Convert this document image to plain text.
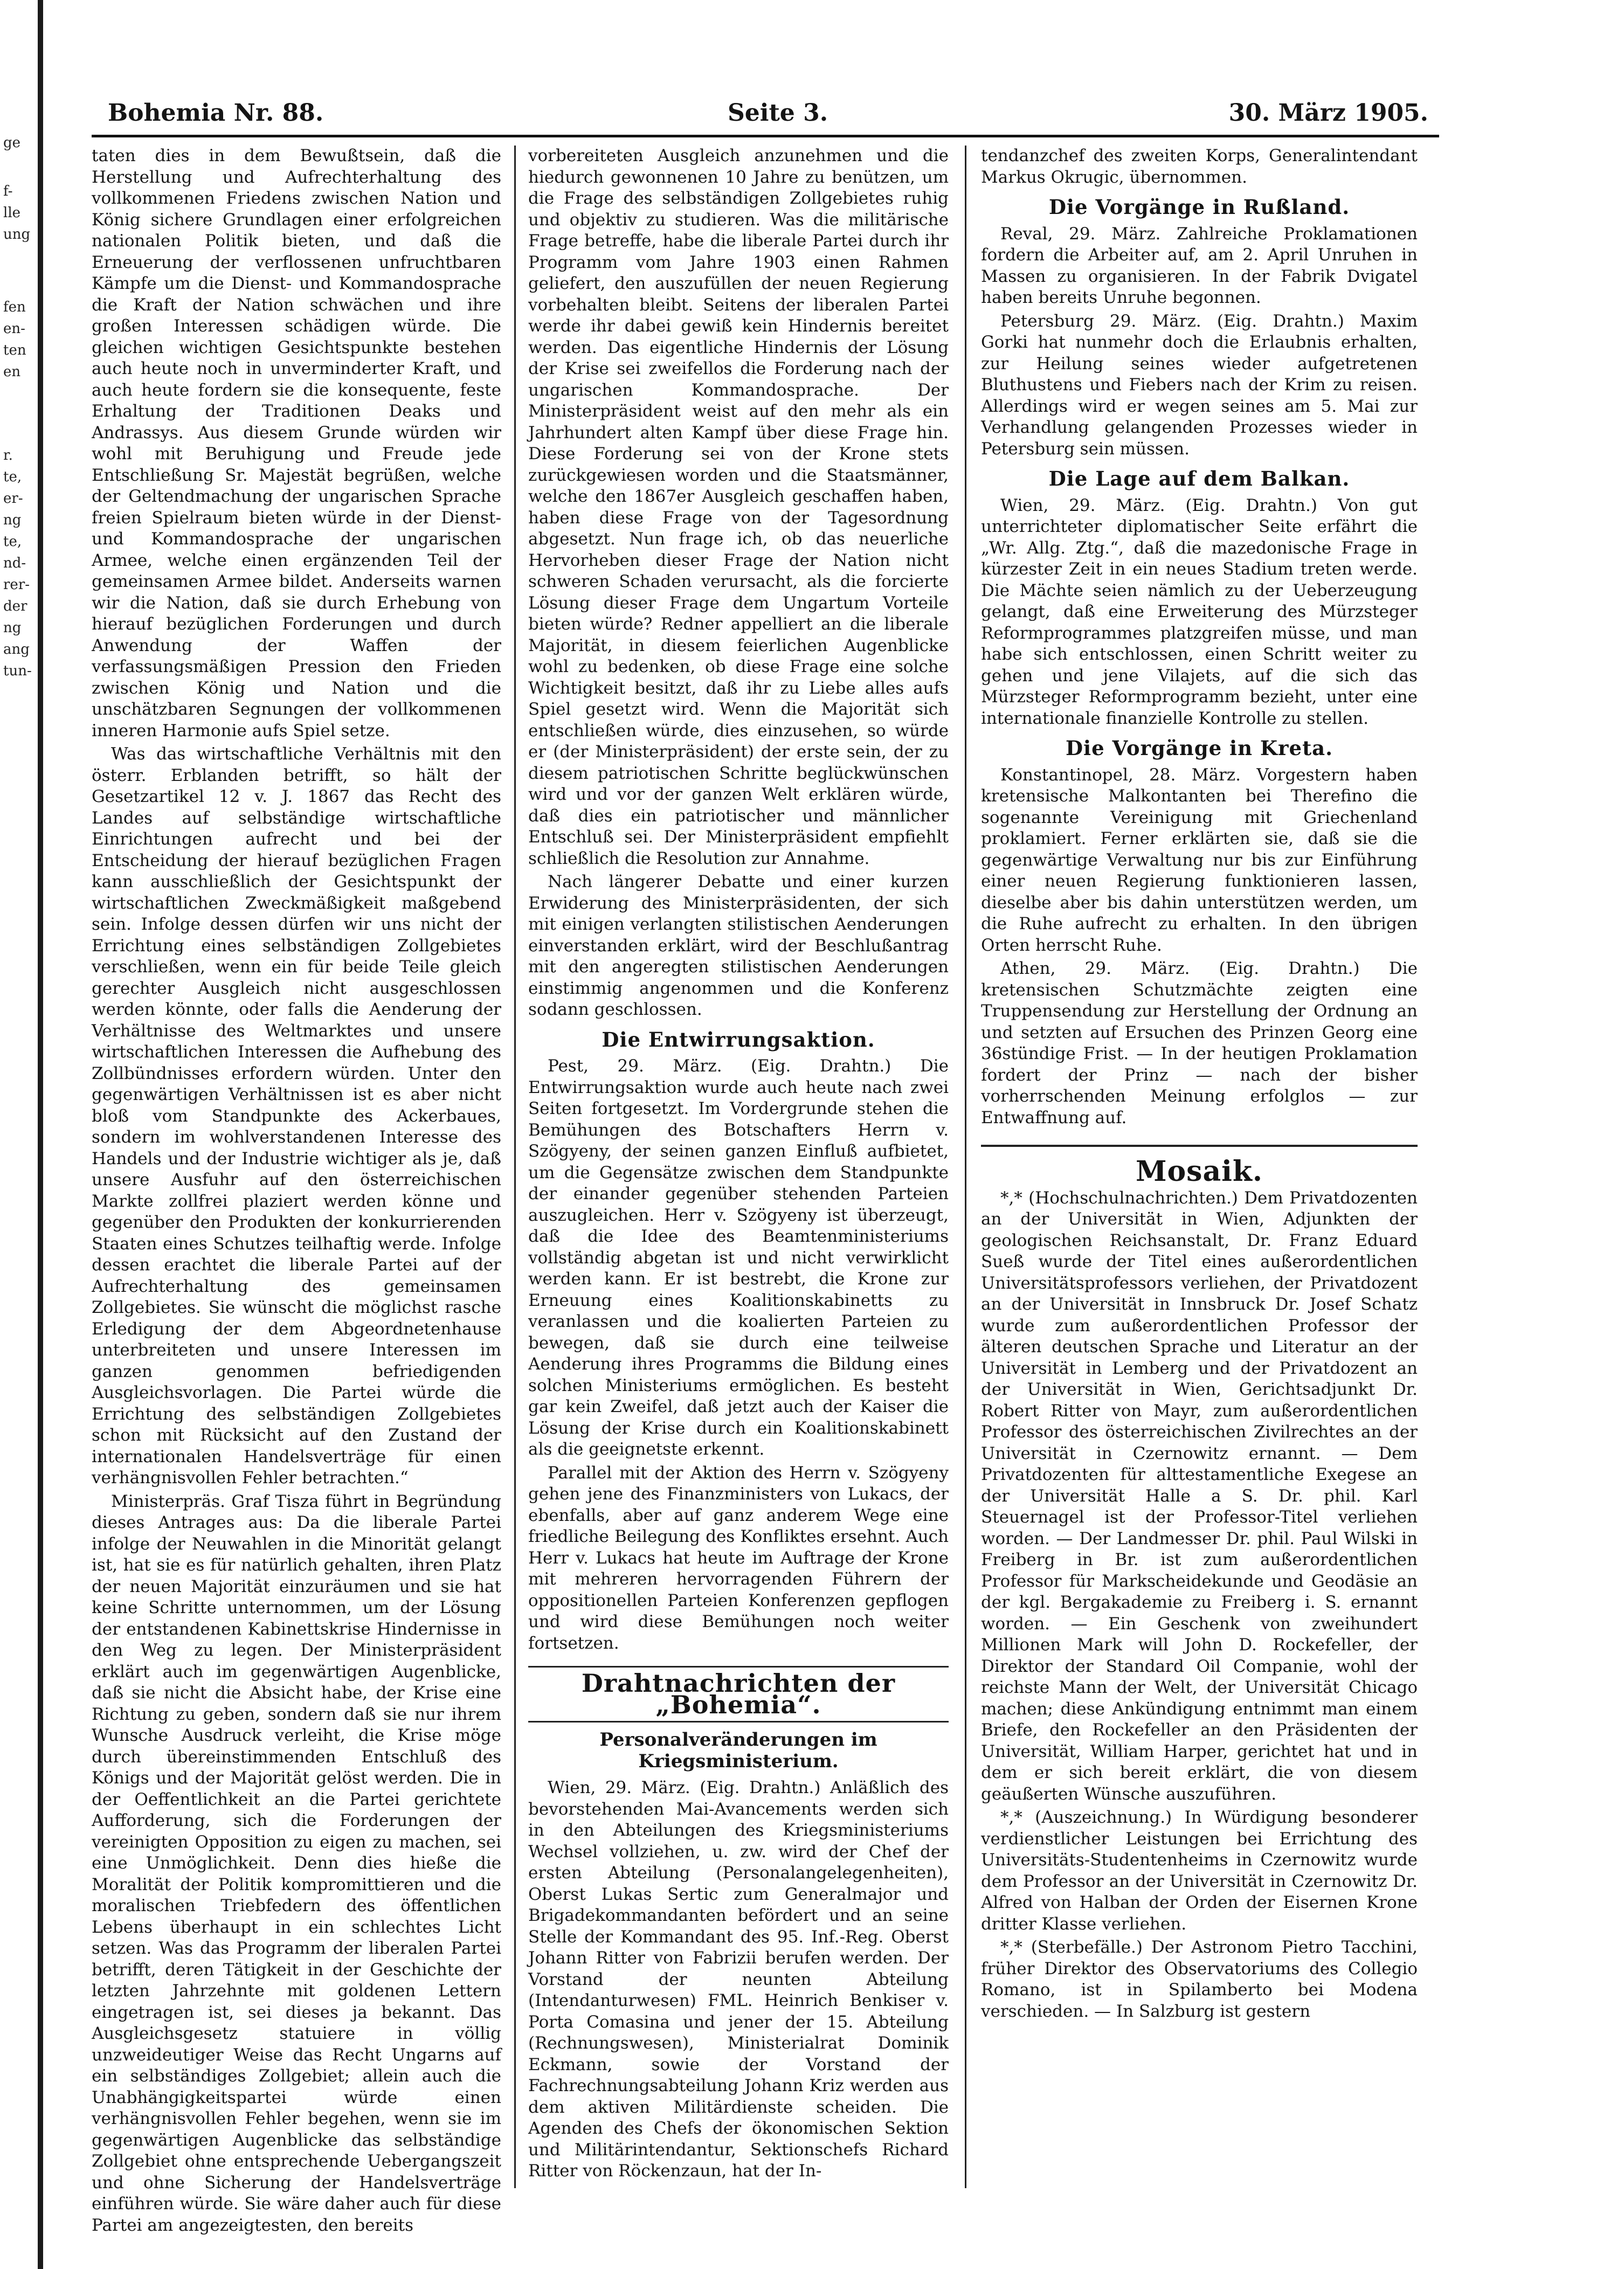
ge
f-
lle
ung
fen
en-
ten
en
r.
te,
er-
ng
te,
nd-
rer-
der
ng
ang
tun-
Bohemia Nr. 88.	Seite 3.	30. März 1905.

taten dies in dem Bewußtsein, daß die Herstellung und Aufrechterhaltung des vollkommenen Friedens zwischen Nation und König sichere Grundlagen einer erfolgreichen nationalen Politik bieten, und daß die Erneuerung der verflossenen unfruchtbaren Kämpfe um die Dienst- und Kommandosprache die Kraft der Nation schwächen und ihre großen Interessen schädigen würde. Die gleichen wichtigen Gesichtspunkte bestehen auch heute noch in unverminderter Kraft, und auch heute fordern sie die konsequente, feste Erhaltung der Traditionen Deaks und Andrassys. Aus diesem Grunde würden wir wohl mit Beruhigung und Freude jede Entschließung Sr. Majestät begrüßen, welche der Geltendmachung der ungarischen Sprache freien Spielraum bieten würde in der Dienst- und Kommandosprache der ungarischen Armee, welche einen ergänzenden Teil der gemeinsamen Armee bildet. Anderseits warnen wir die Nation, daß sie durch Erhebung von hierauf bezüglichen Forderungen und durch Anwendung der Waffen der verfassungsmäßigen Pression den Frieden zwischen König und Nation und die unschätzbaren Segnungen der vollkommenen inneren Harmonie aufs Spiel setze.

Was das wirtschaftliche Verhältnis mit den österr. Erblanden betrifft, so hält der Gesetzartikel 12 v. J. 1867 das Recht des Landes auf selbständige wirtschaftliche Einrichtungen aufrecht und bei der Entscheidung der hierauf bezüglichen Fragen kann ausschließlich der Gesichtspunkt der wirtschaftlichen Zweckmäßigkeit maßgebend sein. Infolge dessen dürfen wir uns nicht der Errichtung eines selbständigen Zollgebietes verschließen, wenn ein für beide Teile gleich gerechter Ausgleich nicht ausgeschlossen werden könnte, oder falls die Aenderung der Verhältnisse des Weltmarktes und unsere wirtschaftlichen Interessen die Aufhebung des Zollbündnisses erfordern würden. Unter den gegenwärtigen Verhältnissen ist es aber nicht bloß vom Standpunkte des Ackerbaues, sondern im wohlverstandenen Interesse des Handels und der Industrie wichtiger als je, daß unsere Ausfuhr auf den österreichischen Markte zollfrei plaziert werden könne und gegenüber den Produkten der konkurrierenden Staaten eines Schutzes teilhaftig werde. Infolge dessen erachtet die liberale Partei auf der Aufrechterhaltung des gemeinsamen Zollgebietes. Sie wünscht die möglichst rasche Erledigung der dem Abgeordnetenhause unterbreiteten und unsere Interessen im ganzen genommen befriedigenden Ausgleichsvorlagen. Die Partei würde die Errichtung des selbständigen Zollgebietes schon mit Rücksicht auf den Zustand der internationalen Handelsverträge für einen verhängnisvollen Fehler betrachten.“

Ministerpräs. Graf Tisza führt in Begründung dieses Antrages aus: Da die liberale Partei infolge der Neuwahlen in die Minorität gelangt ist, hat sie es für natürlich gehalten, ihren Platz der neuen Majorität einzuräumen und sie hat keine Schritte unternommen, um der Lösung der entstandenen Kabinettskrise Hindernisse in den Weg zu legen. Der Ministerpräsident erklärt auch im gegenwärtigen Augenblicke, daß sie nicht die Absicht habe, der Krise eine Richtung zu geben, sondern daß sie nur ihrem Wunsche Ausdruck verleiht, die Krise möge durch übereinstimmenden Entschluß des Königs und der Majorität gelöst werden. Die in der Oeffentlichkeit an die Partei gerichtete Aufforderung, sich die Forderungen der vereinigten Opposition zu eigen zu machen, sei eine Unmöglichkeit. Denn dies hieße die Moralität der Politik kompromittieren und die moralischen Triebfedern des öffentlichen Lebens überhaupt in ein schlechtes Licht setzen. Was das Programm der liberalen Partei betrifft, deren Tätigkeit in der Geschichte der letzten Jahrzehnte mit goldenen Lettern eingetragen ist, sei dieses ja bekannt. Das Ausgleichsgesetz statuiere in völlig unzweideutiger Weise das Recht Ungarns auf ein selbständiges Zollgebiet; allein auch die Unabhängigkeitspartei würde einen verhängnisvollen Fehler begehen, wenn sie im gegenwärtigen Augenblicke das selbständige Zollgebiet ohne entsprechende Uebergangszeit und ohne Sicherung der Handelsverträge einführen würde. Sie wäre daher auch für diese Partei am angezeigtesten, den bereits

vorbereiteten Ausgleich anzunehmen und die hiedurch gewonnenen 10 Jahre zu benützen, um die Frage des selbständigen Zollgebietes ruhig und objektiv zu studieren. Was die militärische Frage betreffe, habe die liberale Partei durch ihr Programm vom Jahre 1903 einen Rahmen geliefert, den auszufüllen der neuen Regierung vorbehalten bleibt. Seitens der liberalen Partei werde ihr dabei gewiß kein Hindernis bereitet werden. Das eigentliche Hindernis der Lösung der Krise sei zweifellos die Forderung nach der ungarischen Kommandosprache. Der Ministerpräsident weist auf den mehr als ein Jahrhundert alten Kampf über diese Frage hin. Diese Forderung sei von der Krone stets zurückgewiesen worden und die Staatsmänner, welche den 1867er Ausgleich geschaffen haben, haben diese Frage von der Tagesordnung abgesetzt. Nun frage ich, ob das neuerliche Hervorheben dieser Frage der Nation nicht schweren Schaden verursacht, als die forcierte Lösung dieser Frage dem Ungartum Vorteile bieten würde? Redner appelliert an die liberale Majorität, in diesem feierlichen Augenblicke wohl zu bedenken, ob diese Frage eine solche Wichtigkeit besitzt, daß ihr zu Liebe alles aufs Spiel gesetzt wird. Wenn die Majorität sich entschließen würde, dies einzusehen, so würde er (der Ministerpräsident) der erste sein, der zu diesem patriotischen Schritte beglückwünschen wird und vor der ganzen Welt erklären würde, daß dies ein patriotischer und männlicher Entschluß sei. Der Ministerpräsident empfiehlt schließlich die Resolution zur Annahme.

Nach längerer Debatte und einer kurzen Erwiderung des Ministerpräsidenten, der sich mit einigen verlangten stilistischen Aenderungen einverstanden erklärt, wird der Beschlußantrag mit den angeregten stilistischen Aenderungen einstimmig angenommen und die Konferenz sodann geschlossen.

Die Entwirrungsaktion.

Pest, 29. März. (Eig. Drahtn.) Die Entwirrungsaktion wurde auch heute nach zwei Seiten fortgesetzt. Im Vordergrunde stehen die Bemühungen des Botschafters Herrn v. Szögyeny, der seinen ganzen Einfluß aufbietet, um die Gegensätze zwischen dem Standpunkte der einander gegenüber stehenden Parteien auszugleichen. Herr v. Szögyeny ist überzeugt, daß die Idee des Beamtenministeriums vollständig abgetan ist und nicht verwirklicht werden kann. Er ist bestrebt, die Krone zur Erneuung eines Koalitionskabinetts zu veranlassen und die koalierten Parteien zu bewegen, daß sie durch eine teilweise Aenderung ihres Programms die Bildung eines solchen Ministeriums ermöglichen. Es besteht gar kein Zweifel, daß jetzt auch der Kaiser die Lösung der Krise durch ein Koalitionskabinett als die geeignetste erkennt.

Parallel mit der Aktion des Herrn v. Szögyeny gehen jene des Finanzministers von Lukacs, der ebenfalls, aber auf ganz anderem Wege eine friedliche Beilegung des Konfliktes ersehnt. Auch Herr v. Lukacs hat heute im Auftrage der Krone mit mehreren hervorragenden Führern der oppositionellen Parteien Konferenzen gepflogen und wird diese Bemühungen noch weiter fortsetzen.

Drahtnachrichten der „Bohemia“.
Personalveränderungen im Kriegsministerium.

Wien, 29. März. (Eig. Drahtn.) Anläßlich des bevorstehenden Mai-Avancements werden sich in den Abteilungen des Kriegsministeriums Wechsel vollziehen, u. zw. wird der Chef der ersten Abteilung (Personalangelegenheiten), Oberst Lukas Sertic zum Generalmajor und Brigadekommandanten befördert und an seine Stelle der Kommandant des 95. Inf.-Reg. Oberst Johann Ritter von Fabrizii berufen werden. Der Vorstand der neunten Abteilung (Intendanturwesen) FML. Heinrich Benkiser v. Porta Comasina und jener der 15. Abteilung (Rechnungswesen), Ministerialrat Dominik Eckmann, sowie der Vorstand der Fachrechnungsabteilung Johann Kriz werden aus dem aktiven Militärdienste scheiden. Die Agenden des Chefs der ökonomischen Sektion und Militärintendantur, Sektionschefs Richard Ritter von Röckenzaun, hat der In-

tendanzchef des zweiten Korps, Generalintendant Markus Okrugic, übernommen.

Die Vorgänge in Rußland.

Reval, 29. März. Zahlreiche Proklamationen fordern die Arbeiter auf, am 2. April Unruhen in Massen zu organisieren. In der Fabrik Dvigatel haben bereits Unruhe begonnen.

Petersburg 29. März. (Eig. Drahtn.) Maxim Gorki hat nunmehr doch die Erlaubnis erhalten, zur Heilung seines wieder aufgetretenen Bluthustens und Fiebers nach der Krim zu reisen. Allerdings wird er wegen seines am 5. Mai zur Verhandlung gelangenden Prozesses wieder in Petersburg sein müssen.

Die Lage auf dem Balkan.

Wien, 29. März. (Eig. Drahtn.) Von gut unterrichteter diplomatischer Seite erfährt die „Wr. Allg. Ztg.“, daß die mazedonische Frage in kürzester Zeit in ein neues Stadium treten werde. Die Mächte seien nämlich zu der Ueberzeugung gelangt, daß eine Erweiterung des Mürzsteger Reformprogrammes platzgreifen müsse, und man habe sich entschlossen, einen Schritt weiter zu gehen und jene Vilajets, auf die sich das Mürzsteger Reformprogramm bezieht, unter eine internationale finanzielle Kontrolle zu stellen.

Die Vorgänge in Kreta.

Konstantinopel, 28. März. Vorgestern haben kretensische Malkontanten bei Therefino die sogenannte Vereinigung mit Griechenland proklamiert. Ferner erklärten sie, daß sie die gegenwärtige Verwaltung nur bis zur Einführung einer neuen Regierung funktionieren lassen, dieselbe aber bis dahin unterstützen werden, um die Ruhe aufrecht zu erhalten. In den übrigen Orten herrscht Ruhe.

Athen, 29. März. (Eig. Drahtn.) Die kretensischen Schutzmächte zeigten eine Truppensendung zur Herstellung der Ordnung an und setzten auf Ersuchen des Prinzen Georg eine 36stündige Frist. — In der heutigen Proklamation fordert der Prinz — nach der bisher vorherrschenden Meinung erfolglos — zur Entwaffnung auf.

Mosaik.

*,* (Hochschulnachrichten.) Dem Privatdozenten an der Universität in Wien, Adjunkten der geologischen Reichsanstalt, Dr. Franz Eduard Sueß wurde der Titel eines außerordentlichen Universitätsprofessors verliehen, der Privatdozent an der Universität in Innsbruck Dr. Josef Schatz wurde zum außerordentlichen Professor der älteren deutschen Sprache und Literatur an der Universität in Lemberg und der Privatdozent an der Universität in Wien, Gerichtsadjunkt Dr. Robert Ritter von Mayr, zum außerordentlichen Professor des österreichischen Zivilrechtes an der Universität in Czernowitz ernannt. — Dem Privatdozenten für alttestamentliche Exegese an der Universität Halle a S. Dr. phil. Karl Steuernagel ist der Professor-Titel verliehen worden. — Der Landmesser Dr. phil. Paul Wilski in Freiberg in Br. ist zum außerordentlichen Professor für Markscheidekunde und Geodäsie an der kgl. Bergakademie zu Freiberg i. S. ernannt worden. — Ein Geschenk von zweihundert Millionen Mark will John D. Rockefeller, der Direktor der Standard Oil Companie, wohl der reichste Mann der Welt, der Universität Chicago machen; diese Ankündigung entnimmt man einem Briefe, den Rockefeller an den Präsidenten der Universität, William Harper, gerichtet hat und in dem er sich bereit erklärt, die von diesem geäußerten Wünsche auszuführen.

*,* (Auszeichnung.) In Würdigung besonderer verdienstlicher Leistungen bei Errichtung des Universitäts-Studentenheims in Czernowitz wurde dem Professor an der Universität in Czernowitz Dr. Alfred von Halban der Orden der Eisernen Krone dritter Klasse verliehen.

*,* (Sterbefälle.) Der Astronom Pietro Tacchini, früher Direktor des Observatoriums des Collegio Romano, ist in Spilamberto bei Modena verschieden. — In Salzburg ist gestern
